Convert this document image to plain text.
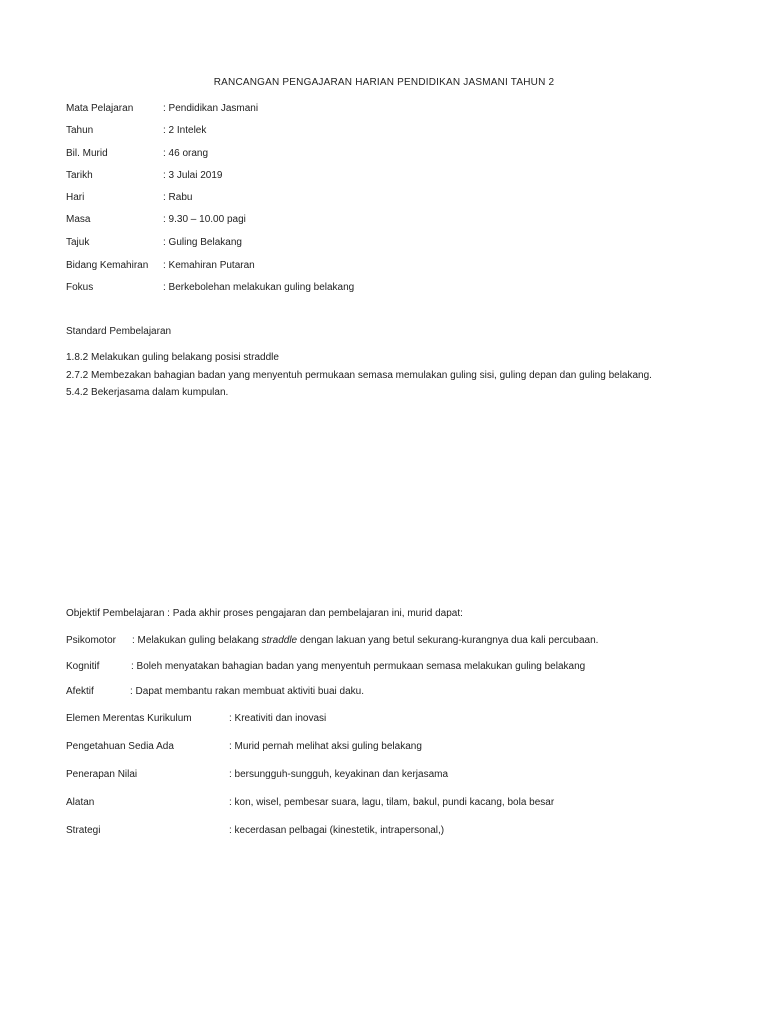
RANCANGAN PENGAJARAN HARIAN PENDIDIKAN JASMANI TAHUN 2
Mata Pelajaran	: Pendidikan Jasmani
Tahun	: 2 Intelek
Bil. Murid	: 46 orang
Tarikh	: 3 Julai 2019
Hari	: Rabu
Masa	: 9.30 – 10.00 pagi
Tajuk	: Guling Belakang
Bidang Kemahiran : Kemahiran Putaran
Fokus	: Berkebolehan melakukan guling belakang
Standard Pembelajaran
1.8.2 Melakukan guling belakang posisi straddle
2.7.2 Membezakan bahagian badan yang menyentuh permukaan semasa memulakan guling sisi, guling depan dan guling belakang.
5.4.2 Bekerjasama dalam kumpulan.
Objektif Pembelajaran : Pada akhir proses pengajaran dan pembelajaran ini, murid dapat:
Psikomotor : Melakukan guling belakang straddle dengan lakuan yang betul sekurang-kurangnya dua kali percubaan.
Kognitif	: Boleh menyatakan bahagian badan yang menyentuh permukaan semasa melakukan guling belakang
Afektif	: Dapat membantu rakan membuat aktiviti buai daku.
Elemen Merentas Kurikulum	: Kreativiti dan inovasi
Pengetahuan Sedia Ada	: Murid pernah melihat aksi guling belakang
Penerapan Nilai	: bersungguh-sungguh, keyakinan dan kerjasama
Alatan	: kon, wisel, pembesar suara, lagu, tilam, bakul, pundi kacang, bola besar
Strategi	: kecerdasan pelbagai (kinestetik, intrapersonal,)
